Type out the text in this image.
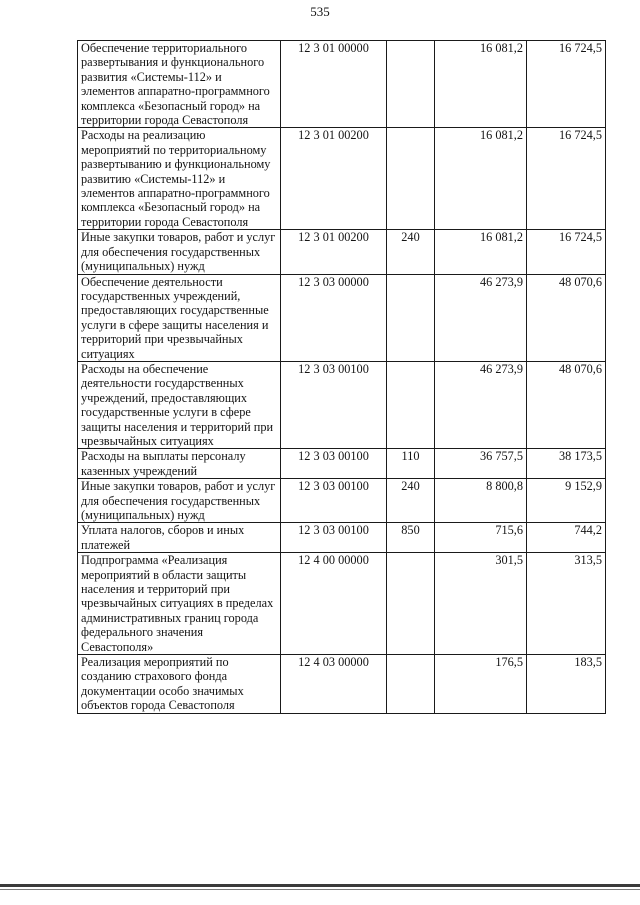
535
Обеспечение территориального развертывания и функционального развития «Системы-112» и элементов аппаратно-программного комплекса «Безопасный город» на территории города Севастополя	12 3 01 00000		16 081,2	16 724,5
Расходы на реализацию мероприятий по территориальному развертыванию и функциональному развитию «Системы-112» и элементов аппаратно-программного комплекса «Безопасный город» на территории города Севастополя	12 3 01 00200		16 081,2	16 724,5
Иные закупки товаров, работ и услуг для обеспечения государственных (муниципальных) нужд	12 3 01 00200	240	16 081,2	16 724,5
Обеспечение деятельности государственных учреждений, предоставляющих государственные услуги в сфере защиты населения и территорий при чрезвычайных ситуациях	12 3 03 00000		46 273,9	48 070,6
Расходы на обеспечение деятельности государственных учреждений, предоставляющих государственные услуги в сфере защиты населения и территорий при чрезвычайных ситуациях	12 3 03 00100		46 273,9	48 070,6
Расходы на выплаты персоналу казенных учреждений	12 3 03 00100	110	36 757,5	38 173,5
Иные закупки товаров, работ и услуг для обеспечения государственных (муниципальных) нужд	12 3 03 00100	240	8 800,8	9 152,9
Уплата налогов, сборов и иных платежей	12 3 03 00100	850	715,6	744,2
Подпрограмма «Реализация мероприятий в области защиты населения и территорий при чрезвычайных ситуациях в пределах административных границ города федерального значения Севастополя»	12 4 00 00000		301,5	313,5
Реализация мероприятий по созданию страхового фонда документации особо значимых объектов города Севастополя	12 4 03 00000		176,5	183,5
